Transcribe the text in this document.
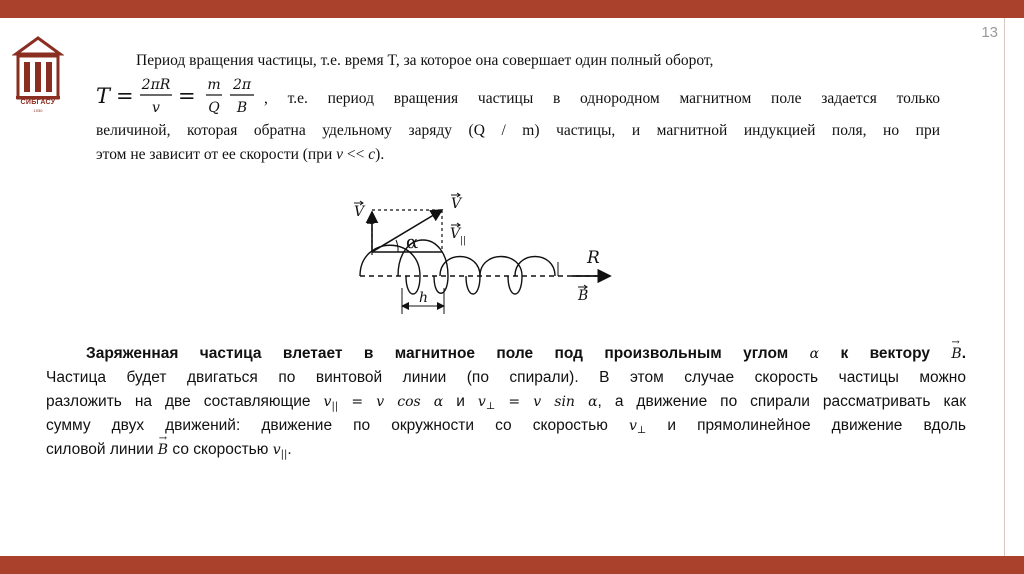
13
СИБГАСУ
1930
Период вращения частицы, т.е. время T, за которое она совершает один полный оборот,
T = 2πR
v = m
Q
2π
B
, т.е. период вращения частицы в однородном магнитном поле задается только
величиной, которая обратна удельному заряду (Q / m) частицы, и магнитной индукцией поля, но при
этом не зависит от ее скорости (при v << c).
V
⊥
V
V ||
α
R
B
h
Заряженная частица влетает в магнитное поле под произвольным углом α к вектору → B.
Частица будет двигаться по винтовой линии (по спирали). В этом случае скорость частицы можно
разложить на две составляющие $v_{||} = v$ cos α и $v_\perp = v$ sin α, а движение по спирали рассматривать как
сумму двух движений: движение по окружности со скоростью $v_\perp$ и прямолинейное движение вдоль
силовой линии → B со скоростью $v_{||}$.
